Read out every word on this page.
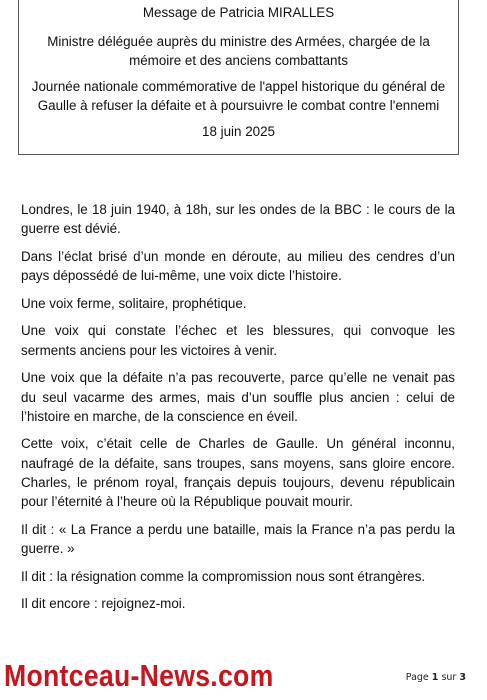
Message de Patricia MIRALLES

Ministre déléguée auprès du ministre des Armées, chargée de la mémoire et des anciens combattants

Journée nationale commémorative de l'appel historique du général de Gaulle à refuser la défaite et à poursuivre le combat contre l'ennemi

18 juin 2025

Londres, le 18 juin 1940, à 18h, sur les ondes de la BBC : le cours de la guerre est dévié.

Dans l’éclat brisé d’un monde en déroute, au milieu des cendres d’un pays dépossédé de lui-même, une voix dicte l’histoire.

Une voix ferme, solitaire, prophétique.

Une voix qui constate l’échec et les blessures, qui convoque les serments anciens pour les victoires à venir.

Une voix que la défaite n’a pas recouverte, parce qu’elle ne venait pas du seul vacarme des armes, mais d’un souffle plus ancien : celui de l’histoire en marche, de la conscience en éveil.

Cette voix, c’était celle de Charles de Gaulle. Un général inconnu, naufragé de la défaite, sans troupes, sans moyens, sans gloire encore. Charles, le prénom royal, français depuis toujours, devenu républicain pour l’éternité à l’heure où la République pouvait mourir.

Il dit : « La France a perdu une bataille, mais la France n’a pas perdu la guerre. »

Il dit : la résignation comme la compromission nous sont étrangères.

Il dit encore : rejoignez-moi.

Montceau-News.com	Page 1 sur 3
